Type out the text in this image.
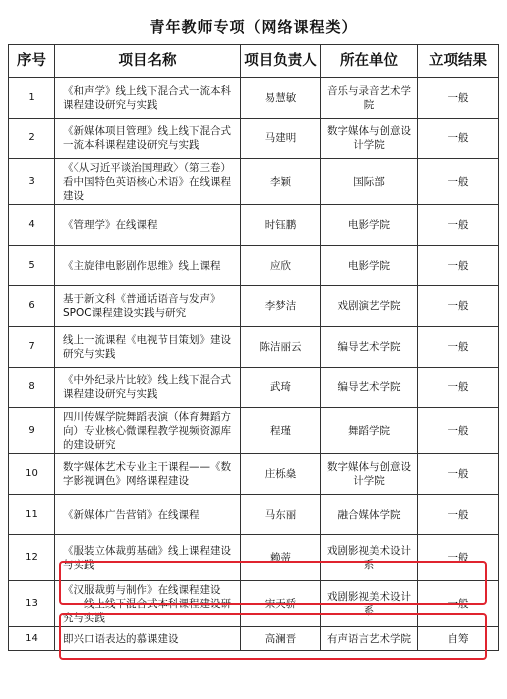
青年教师专项（网络课程类）
序号	项目名称	项目负责人	所在单位	立项结果
1	《和声学》线上线下混合式一流本科课程建设研究与实践	易慧敏	音乐与录音艺术学院	一般
2	《新媒体项目管理》线上线下混合式一流本科课程建设研究与实践	马建明	数字媒体与创意设计学院	一般
3	《〈从习近平谈治国理政〉（第三卷）看中国特色英语核心术语》在线课程建设	李颖	国际部	一般
4	《管理学》在线课程	时钰鹏	电影学院	一般
5	《主旋律电影剧作思维》线上课程	应欣	电影学院	一般
6	基于新文科《普通话语音与发声》SPOC课程建设实践与研究	李梦洁	戏剧演艺学院	一般
7	线上一流课程《电视节目策划》建设研究与实践	陈洁丽云	编导艺术学院	一般
8	《中外纪录片比较》线上线下混合式课程建设研究与实践	武琦	编导艺术学院	一般
9	四川传媒学院舞蹈表演（体育舞蹈方向）专业核心微课程教学视频资源库的建设研究	程瑾	舞蹈学院	一般
10	数字媒体艺术专业主干课程——《数字影视调色》网络课程建设	庄栎燊	数字媒体与创意设计学院	一般
11	《新媒体广告营销》在线课程	马东丽	融合媒体学院	一般
12	《服装立体裁剪基础》线上课程建设与实践	赖蒂	戏剧影视美术设计系	一般
13	《汉服裁剪与制作》在线课程建设 ——线上线下混合式本科课程建设研究与实践	宋天骄	戏剧影视美术设计系	一般
14	即兴口语表达的慕课建设	高澜晋	有声语言艺术学院	自筹
